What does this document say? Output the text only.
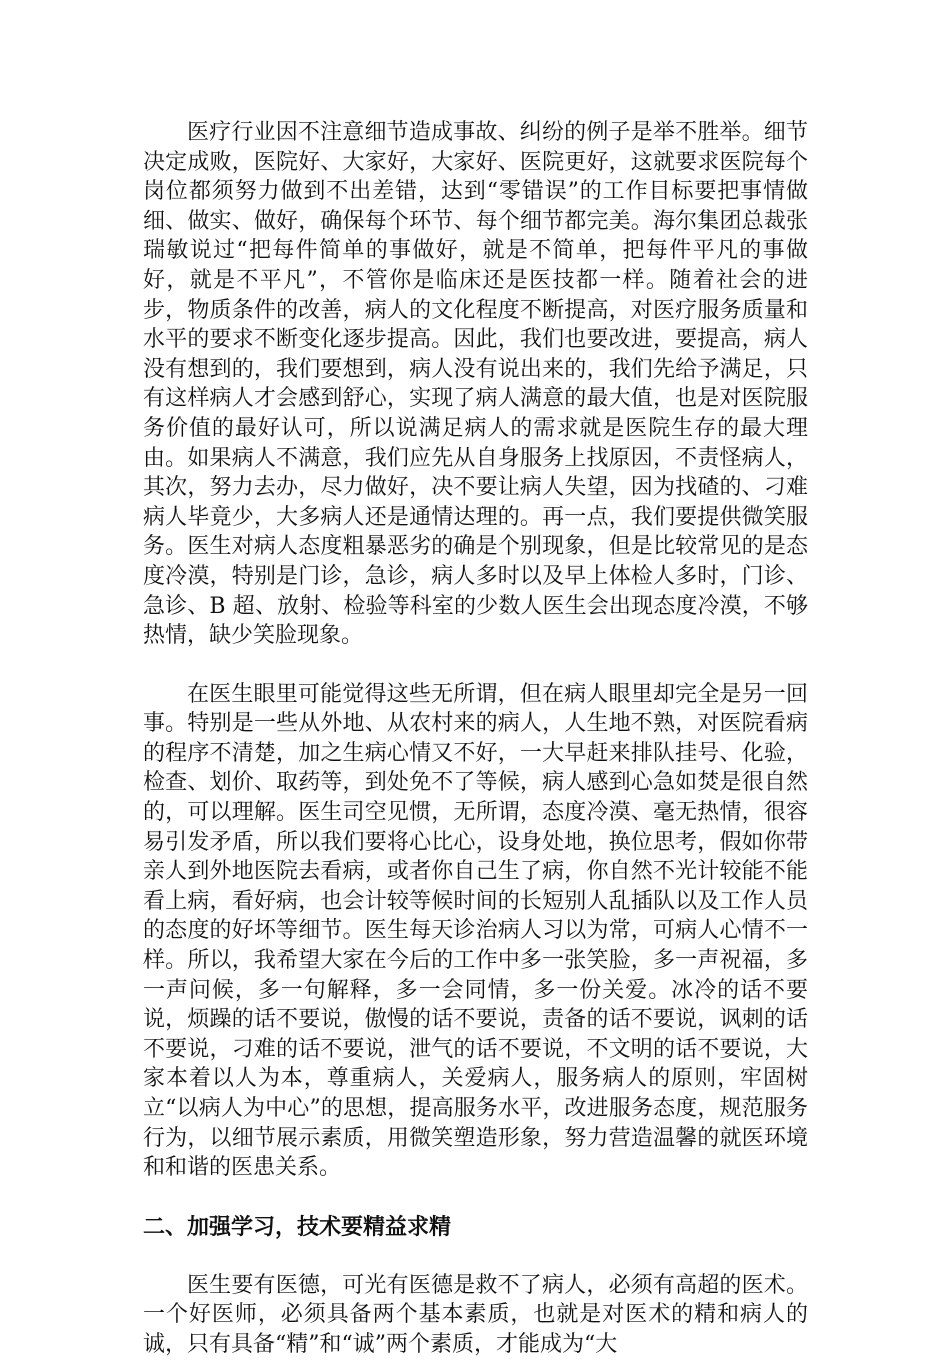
医疗行业因不注意细节造成事故、纠纷的例子是举不胜举。细节决定成败，医院好、大家好，大家好、医院更好，这就要求医院每个岗位都须努力做到不出差错，达到“零错误”的工作目标要把事情做细、做实、做好，确保每个环节、每个细节都完美。海尔集团总裁张瑞敏说过“把每件简单的事做好，就是不简单，把每件平凡的事做好，就是不平凡”，不管你是临床还是医技都一样。随着社会的进步，物质条件的改善，病人的文化程度不断提高，对医疗服务质量和水平的要求不断变化逐步提高。因此，我们也要改进，要提高，病人没有想到的，我们要想到，病人没有说出来的，我们先给予满足，只有这样病人才会感到舒心，实现了病人满意的最大值，也是对医院服务价值的最好认可，所以说满足病人的需求就是医院生存的最大理由。如果病人不满意，我们应先从自身服务上找原因，不责怪病人，其次，努力去办，尽力做好，决不要让病人失望，因为找碴的、刁难病人毕竟少，大多病人还是通情达理的。再一点，我们要提供微笑服务。医生对病人态度粗暴恶劣的确是个别现象，但是比较常见的是态度冷漠，特别是门诊，急诊，病人多时以及早上体检人多时，门诊、急诊、B 超、放射、检验等科室的少数人医生会出现态度冷漠，不够热情，缺少笑脸现象。

在医生眼里可能觉得这些无所谓，但在病人眼里却完全是另一回事。特别是一些从外地、从农村来的病人，人生地不熟，对医院看病的程序不清楚，加之生病心情又不好，一大早赶来排队挂号、化验，检查、划价、取药等，到处免不了等候，病人感到心急如焚是很自然的，可以理解。医生司空见惯，无所谓，态度冷漠、毫无热情，很容易引发矛盾，所以我们要将心比心，设身处地，换位思考，假如你带亲人到外地医院去看病，或者你自己生了病，你自然不光计较能不能看上病，看好病，也会计较等候时间的长短别人乱插队以及工作人员的态度的好坏等细节。医生每天诊治病人习以为常，可病人心情不一样。所以，我希望大家在今后的工作中多一张笑脸，多一声祝福，多一声问候，多一句解释，多一会同情，多一份关爱。冰冷的话不要说，烦躁的话不要说，傲慢的话不要说，责备的话不要说，讽刺的话不要说，刁难的话不要说，泄气的话不要说，不文明的话不要说，大家本着以人为本，尊重病人，关爱病人，服务病人的原则，牢固树立“以病人为中心”的思想，提高服务水平，改进服务态度，规范服务行为，以细节展示素质，用微笑塑造形象，努力营造温馨的就医环境和和谐的医患关系。

二、加强学习，技术要精益求精

医生要有医德，可光有医德是救不了病人，必须有高超的医术。一个好医师，必须具备两个基本素质，也就是对医术的精和病人的诚，只有具备“精”和“诚”两个素质，才能成为“大
